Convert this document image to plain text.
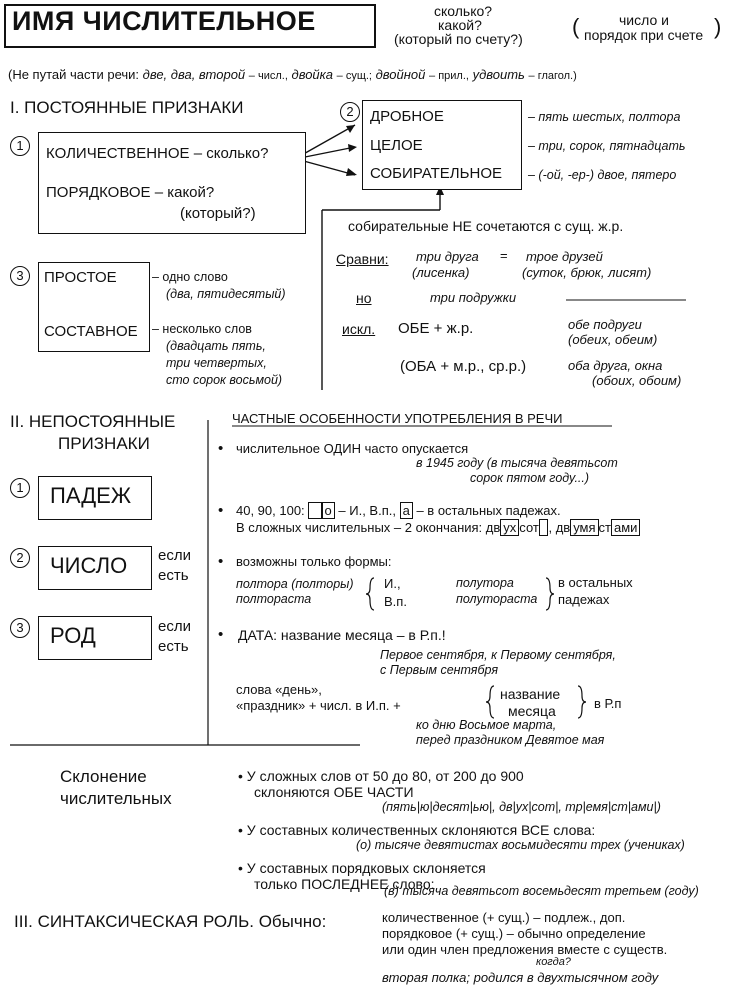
ИМЯ ЧИСЛИТЕЛЬНОЕ	сколько?
какой?
(который по счету?) (	)
число и
порядок при счете
(Не путай части речи: две, два, второй – числ., двойка – сущ.; двойной – прил., удвоить – глагол.)
I. ПОСТОЯННЫЕ ПРИЗНАКИ
1	КОЛИЧЕСТВЕННОЕ – сколько?
ПОРЯДКОВОЕ – какой?
(который?)
2	ДРОБНОЕ
ЦЕЛОЕ
СОБИРАТЕЛЬНОЕ
– пять шестых, полтора
– три, сорок, пятнадцать
– (-ой, -ер-) двое, пятеро
3	ПРОСТОЕ
СОСТАВНОЕ
– одно слово
(два, пятидесятый)
– несколько слов
(двадцать пять,
три четвертых,
сто сорок восьмой)
собирательные НЕ сочетаются с сущ. ж.р.
Сравни: три друга = трое друзей
(лисенка)	(суток, брюк, лисят)
но	три подружки
искл. ОБЕ + ж.р.	обе подруги
(обеих, обеим)
(ОБА + м.р., ср.р.)	оба друга, окна
(обоих, обоим)
II. НЕПОСТОЯННЫЕ
ПРИЗНАКИ
ЧАСТНЫЕ ОСОБЕННОСТИ УПОТРЕБЛЕНИЯ В РЕЧИ
1 ПАДЕЖ
2 ЧИСЛО если
есть
3 РОД	если
есть
• числительное ОДИН часто опускается
в 1945 году (в тысяча девятьсот
сорок пятом году...)
• 40, 90, 100: о – И., В.п., а – в остальных падежах.
В сложных числительных – 2 окончания: дв ух сот , дв умя ст ами
• возможны только формы:
полтора (полторы)
полтораста
И.,
В.п.
полутора
полутораста
в остальных
падежах
• ДАТА: название месяца – в Р.п.!
Первое сентября, к Первому сентября,
с Первым сентября
слова «день»,
«праздник» + числ. в И.п. +
название
месяца	в Р.п
ко дню Восьмое марта,
перед праздником Девятое мая
Склонение
числительных
• У сложных слов от 50 до 80, от 200 до 900
склоняются ОБЕ ЧАСТИ
(пять|ю|десят|ью|, дв|ух|сот|, тр|емя|ст|ами|)
• У составных количественных склоняются ВСЕ слова:
(о) тысяче девятистах восьмидесяти трех (учениках)
• У составных порядковых склоняется
только ПОСЛЕДНЕЕ слово:
(в) тысяча девятьсот восемьдесят третьем (году)
III. СИНТАКСИЧЕСКАЯ РОЛЬ. Обычно:	количественное (+ сущ.) – подлеж., доп.
порядковое (+ сущ.) – обычно определение
или один член предложения вместе с существ.
когда?
вторая полка; родился в двухтысячном году
